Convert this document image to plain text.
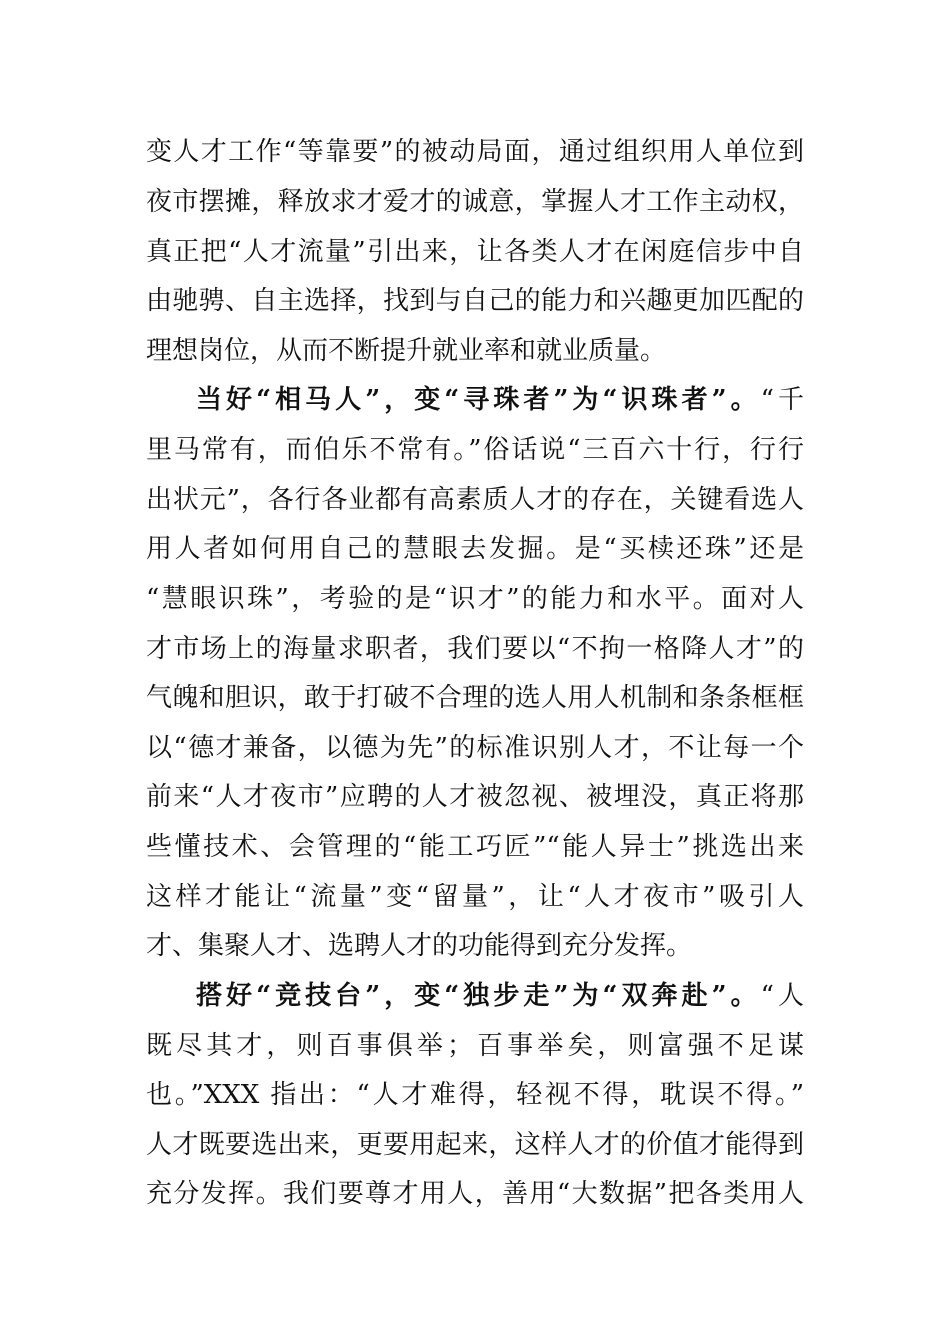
变人才工作“等靠要”的被动局面，通过组织用人单位到
夜市摆摊，释放求才爱才的诚意，掌握人才工作主动权，
真正把“人才流量”引出来，让各类人才在闲庭信步中自
由驰骋、自主选择，找到与自己的能力和兴趣更加匹配的
理想岗位，从而不断提升就业率和就业质量。
当好“相马人”，变“寻珠者”为“识珠者”。“千
里马常有，而伯乐不常有。”俗话说“三百六十行，行行
出状元”，各行各业都有高素质人才的存在，关键看选人
用人者如何用自己的慧眼去发掘。是“买椟还珠”还是
“慧眼识珠”，考验的是“识才”的能力和水平。面对人
才市场上的海量求职者，我们要以“不拘一格降人才”的
气魄和胆识，敢于打破不合理的选人用人机制和条条框框
以“德才兼备，以德为先”的标准识别人才，不让每一个
前来“人才夜市”应聘的人才被忽视、被埋没，真正将那
些懂技术、会管理的“能工巧匠”“能人异士”挑选出来
这样才能让“流量”变“留量”，让“人才夜市”吸引人
才、集聚人才、选聘人才的功能得到充分发挥。
搭好“竞技台”，变“独步走”为“双奔赴”。“人
既尽其才，则百事俱举；百事举矣，则富强不足谋
也。”XXX 指出：“人才难得，轻视不得，耽误不得。”
人才既要选出来，更要用起来，这样人才的价值才能得到
充分发挥。我们要尊才用人，善用“大数据”把各类用人
